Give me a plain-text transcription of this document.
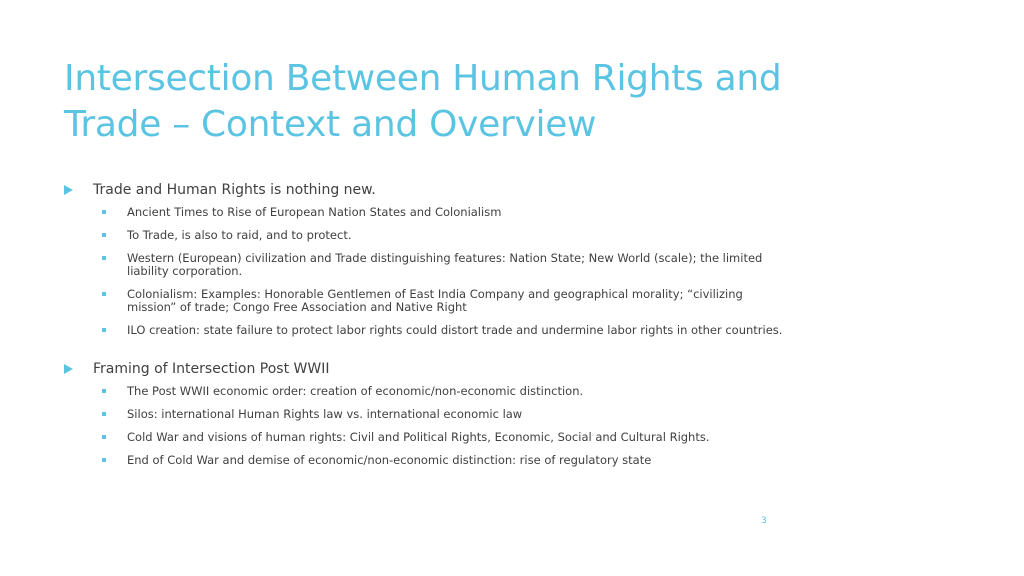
Intersection Between Human Rights and
Trade – Context and Overview
Trade and Human Rights is nothing new.
Ancient Times to Rise of European Nation States and Colonialism
To Trade, is also to raid, and to protect.
Western (European) civilization and Trade distinguishing features: Nation State; New World (scale); the limited liability corporation.
Colonialism: Examples: Honorable Gentlemen of East India Company and geographical morality; “civilizing mission” of trade; Congo Free Association and Native Right
ILO creation: state failure to protect labor rights could distort trade and undermine labor rights in other countries.
Framing of Intersection Post WWII
The Post WWII economic order: creation of economic/non-economic distinction.
Silos: international Human Rights law vs. international economic law
Cold War and visions of human rights: Civil and Political Rights, Economic, Social and Cultural Rights.
End of Cold War and demise of economic/non-economic distinction: rise of regulatory state
3
